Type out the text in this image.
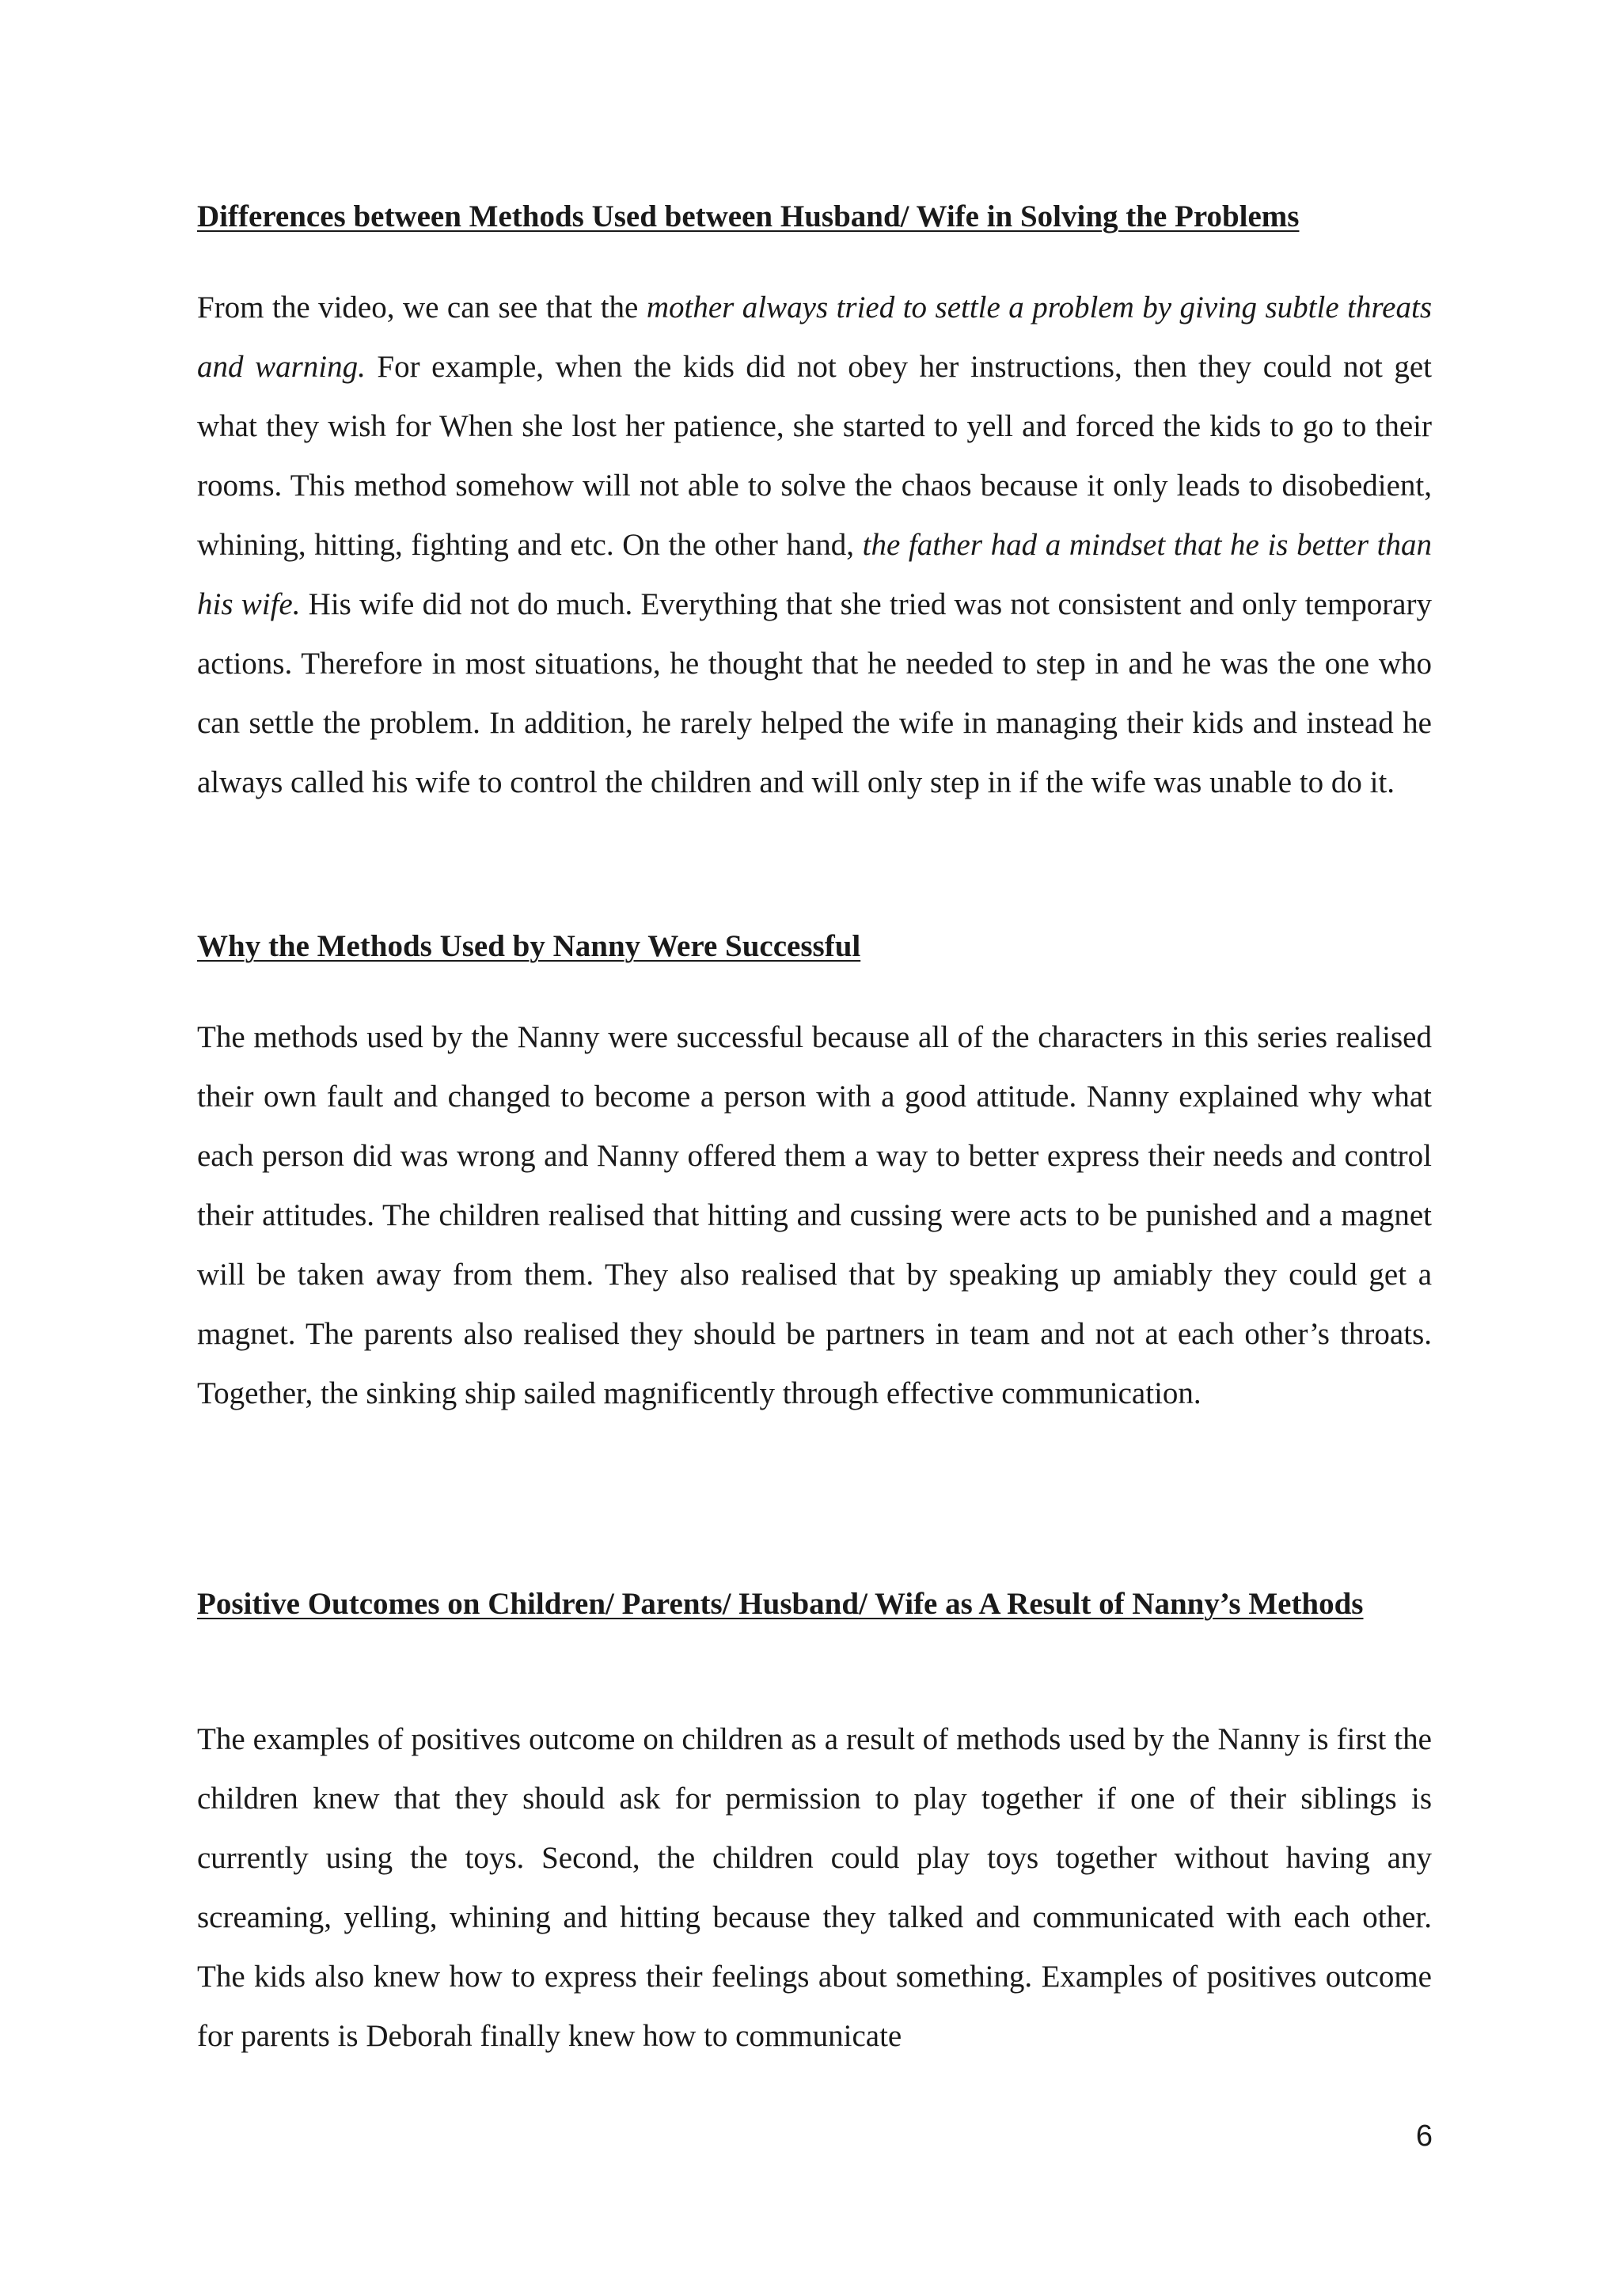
Differences between Methods Used between Husband/ Wife in Solving the Problems

From the video, we can see that the mother always tried to settle a problem by giving subtle threats and warning. For example, when the kids did not obey her instructions, then they could not get what they wish for When she lost her patience, she started to yell and forced the kids to go to their rooms. This method somehow will not able to solve the chaos because it only leads to disobedient, whining, hitting, fighting and etc. On the other hand, the father had a mindset that he is better than his wife. His wife did not do much. Everything that she tried was not consistent and only temporary actions. Therefore in most situations, he thought that he needed to step in and he was the one who can settle the problem. In addition, he rarely helped the wife in managing their kids and instead he always called his wife to control the children and will only step in if the wife was unable to do it.

Why the Methods Used by Nanny Were Successful

The methods used by the Nanny were successful because all of the characters in this series realised their own fault and changed to become a person with a good attitude. Nanny explained why what each person did was wrong and Nanny offered them a way to better express their needs and control their attitudes. The children realised that hitting and cussing were acts to be punished and a magnet will be taken away from them. They also realised that by speaking up amiably they could get a magnet. The parents also realised they should be partners in team and not at each other’s throats. Together, the sinking ship sailed magnificently through effective communication.

Positive Outcomes on Children/ Parents/ Husband/ Wife as A Result of Nanny’s Methods

The examples of positives outcome on children as a result of methods used by the Nanny is first the children knew that they should ask for permission to play together if one of their siblings is currently using the toys. Second, the children could play toys together without having any screaming, yelling, whining and hitting because they talked and communicated with each other. The kids also knew how to express their feelings about something. Examples of positives outcome for parents is Deborah finally knew how to communicate

6
